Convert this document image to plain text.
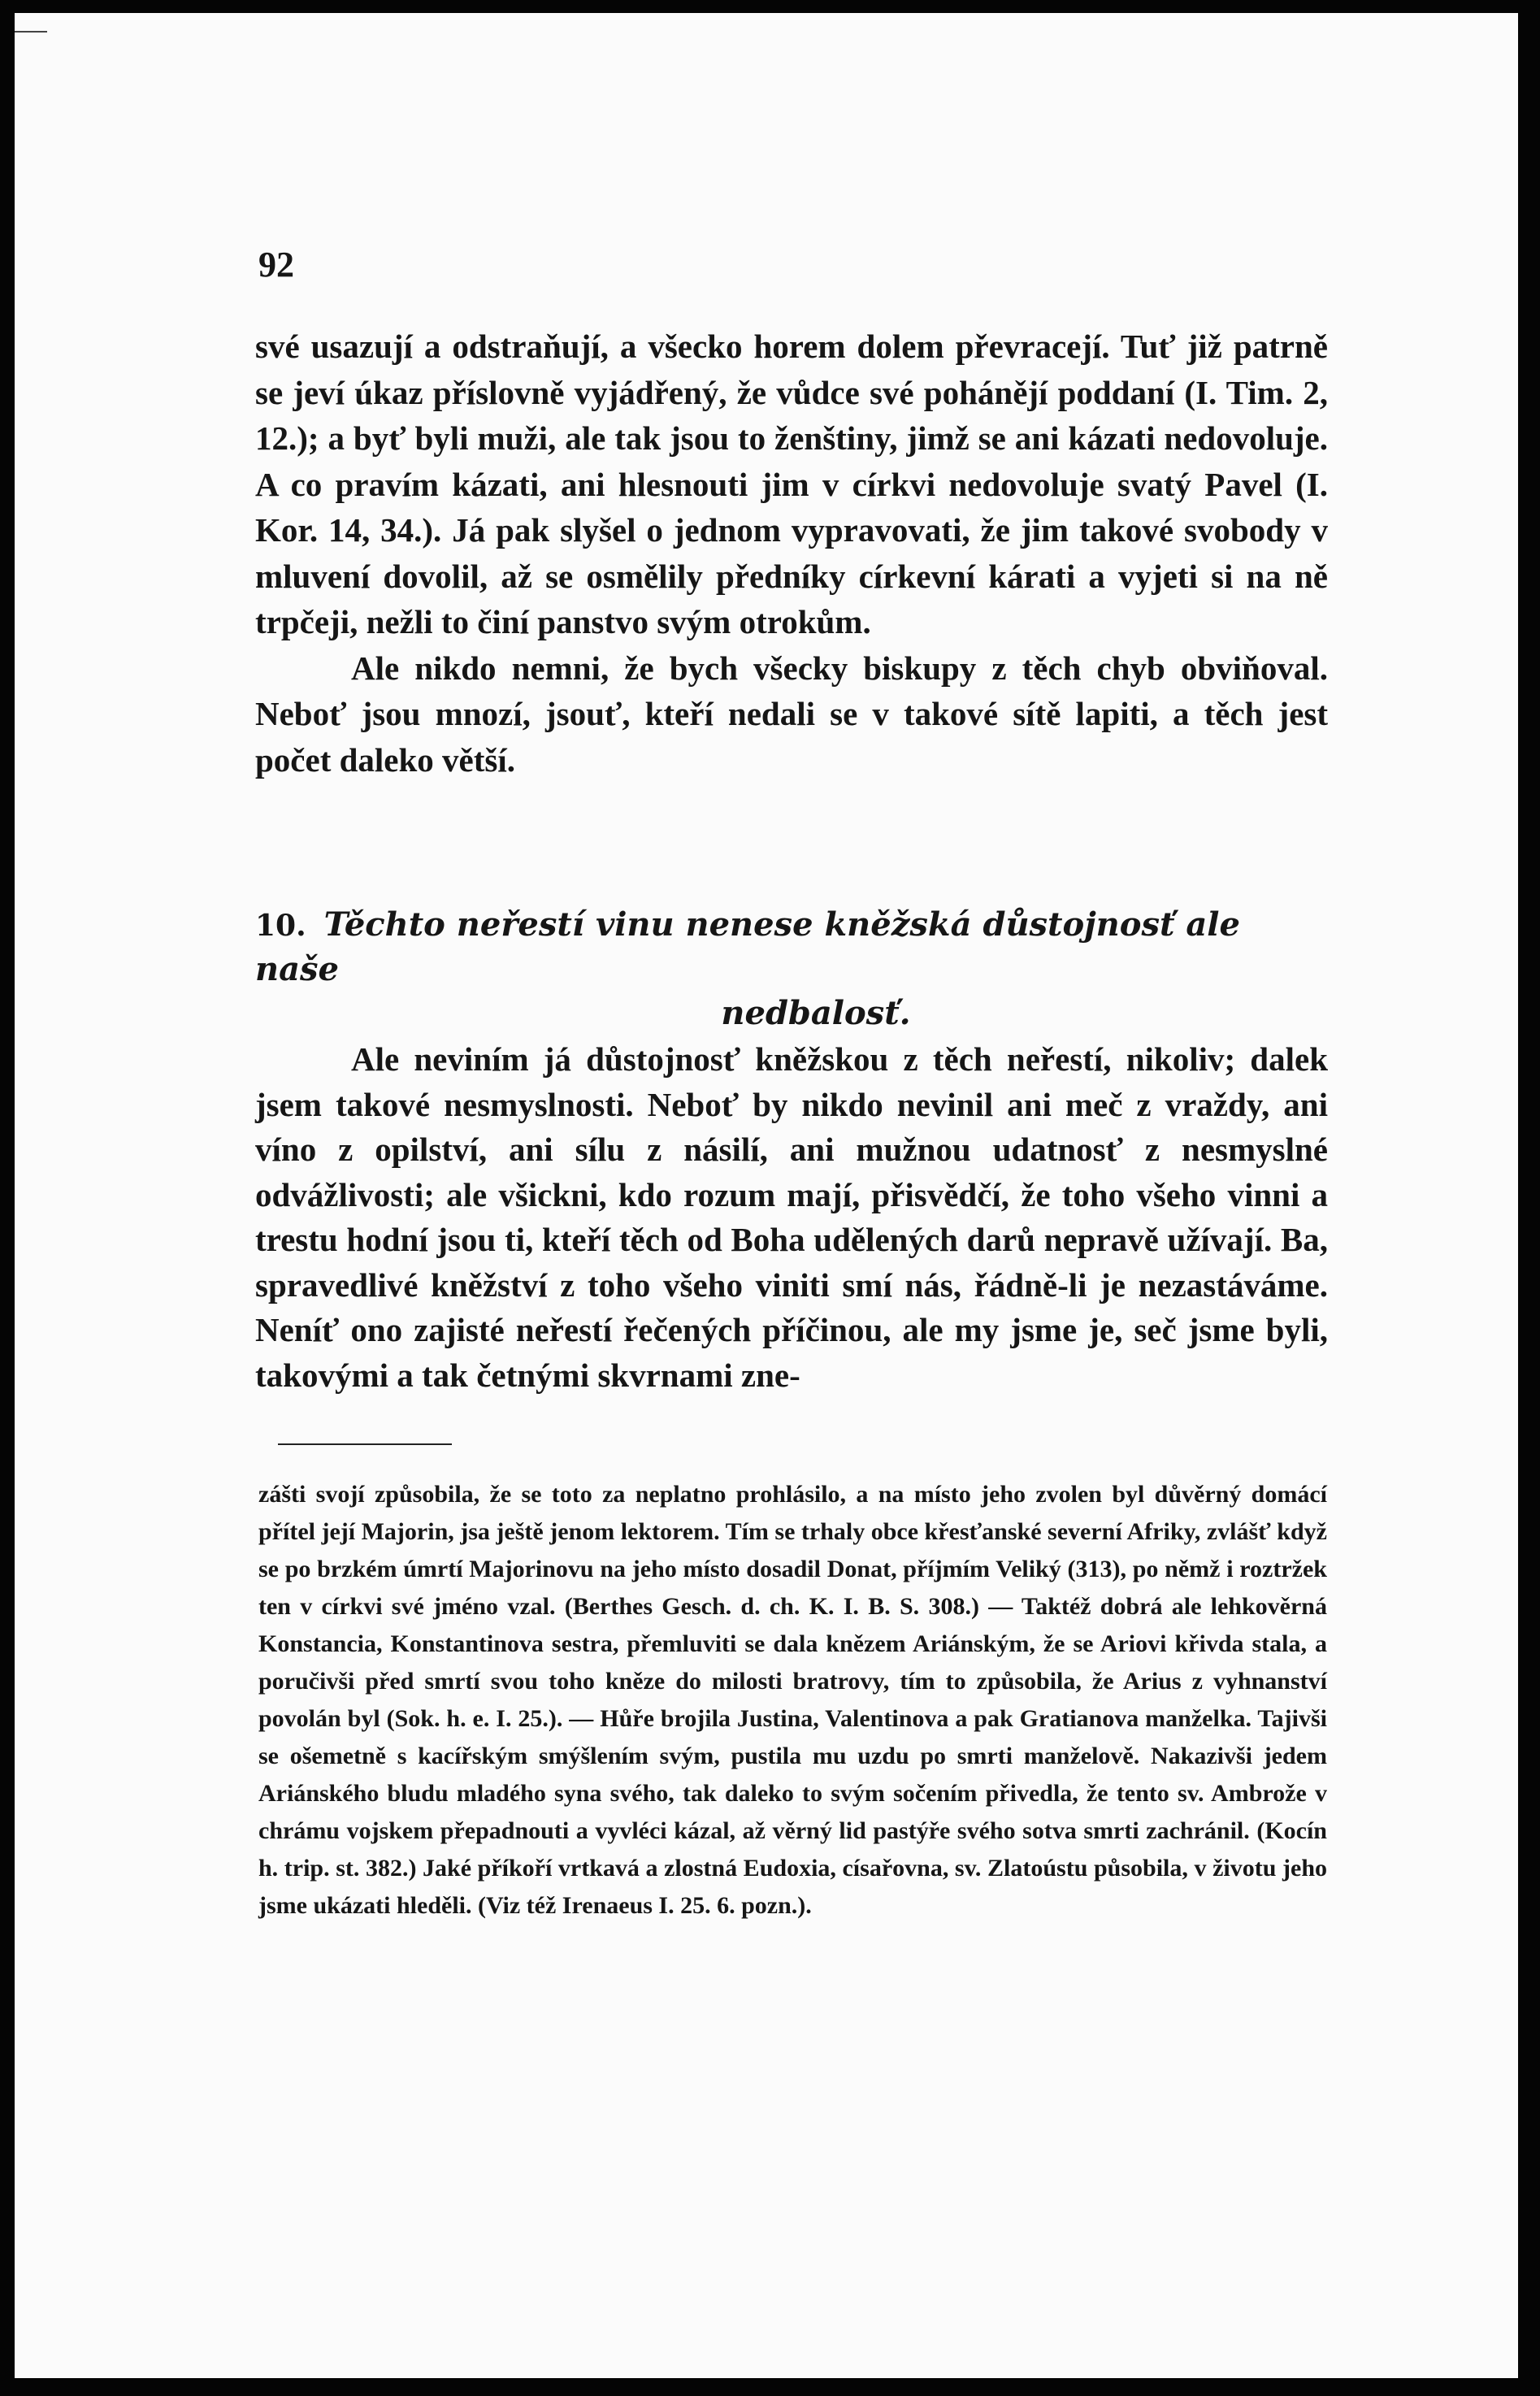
92

své usazují a odstraňují, a všecko horem dolem převracejí. Tuť již patrně se jeví úkaz příslovně vyjádřený, že vůdce své pohánějí poddaní (I. Tim. 2, 12.); a byť byli muži, ale tak jsou to ženštiny, jimž se ani kázati nedovoluje. A co pravím kázati, ani hlesnouti jim v církvi nedovoluje svatý Pavel (I. Kor. 14, 34.). Já pak slyšel o jednom vypravovati, že jim takové svobody v mluvení dovolil, až se osmělily předníky církevní kárati a vyjeti si na ně trpčeji, nežli to činí panstvo svým otrokům.

Ale nikdo nemni, že bych všecky biskupy z těch chyb obviňoval. Neboť jsou mnozí, jsouť, kteří nedali se v takové sítě lapiti, a těch jest počet daleko větší.

10. Těchto neřestí vinu nenese kněžská důstojnosť ale naše
nedbalosť.

Ale neviním já důstojnosť kněžskou z těch neřestí, nikoliv; dalek jsem takové nesmyslnosti. Neboť by nikdo nevinil ani meč z vraždy, ani víno z opilství, ani sílu z násilí, ani mužnou udatnosť z nesmyslné odvážlivosti; ale všickni, kdo rozum mají, přisvědčí, že toho všeho vinni a trestu hodní jsou ti, kteří těch od Boha udělených darů nepravě užívají. Ba, spravedlivé kněžství z toho všeho viniti smí nás, řádně-li je nezastáváme. Neníť ono zajisté neřestí řečených příčinou, ale my jsme je, seč jsme byli, takovými a tak četnými skvrnami zne-

zášti svojí způsobila, že se toto za neplatno prohlásilo, a na místo jeho zvolen byl důvěrný domácí přítel její Majorin, jsa ještě jenom lektorem. Tím se trhaly obce křesťanské severní Afriky, zvlášť když se po brzkém úmrtí Majorinovu na jeho místo dosadil Donat, příjmím Veliký (313), po němž i roztržek ten v církvi své jméno vzal. (Berthes Gesch. d. ch. K. I. B. S. 308.) — Taktéž dobrá ale lehkověrná Konstancia, Konstantinova sestra, přemluviti se dala knězem Ariánským, že se Ariovi křivda stala, a poručivši před smrtí svou toho kněze do milosti bratrovy, tím to způsobila, že Arius z vyhnanství povolán byl (Sok. h. e. I. 25.). — Hůře brojila Justina, Valentinova a pak Gratianova manželka. Tajivši se ošemetně s kacířským smýšlením svým, pustila mu uzdu po smrti manželově. Nakazivši jedem Ariánského bludu mladého syna svého, tak daleko to svým sočením přivedla, že tento sv. Ambrože v chrámu vojskem přepadnouti a vyvléci kázal, až věrný lid pastýře svého sotva smrti zachránil. (Kocín h. trip. st. 382.) Jaké příkoří vrtkavá a zlostná Eudoxia, císařovna, sv. Zlatoústu působila, v životu jeho jsme ukázati hleděli. (Viz též Irenaeus I. 25. 6. pozn.).
